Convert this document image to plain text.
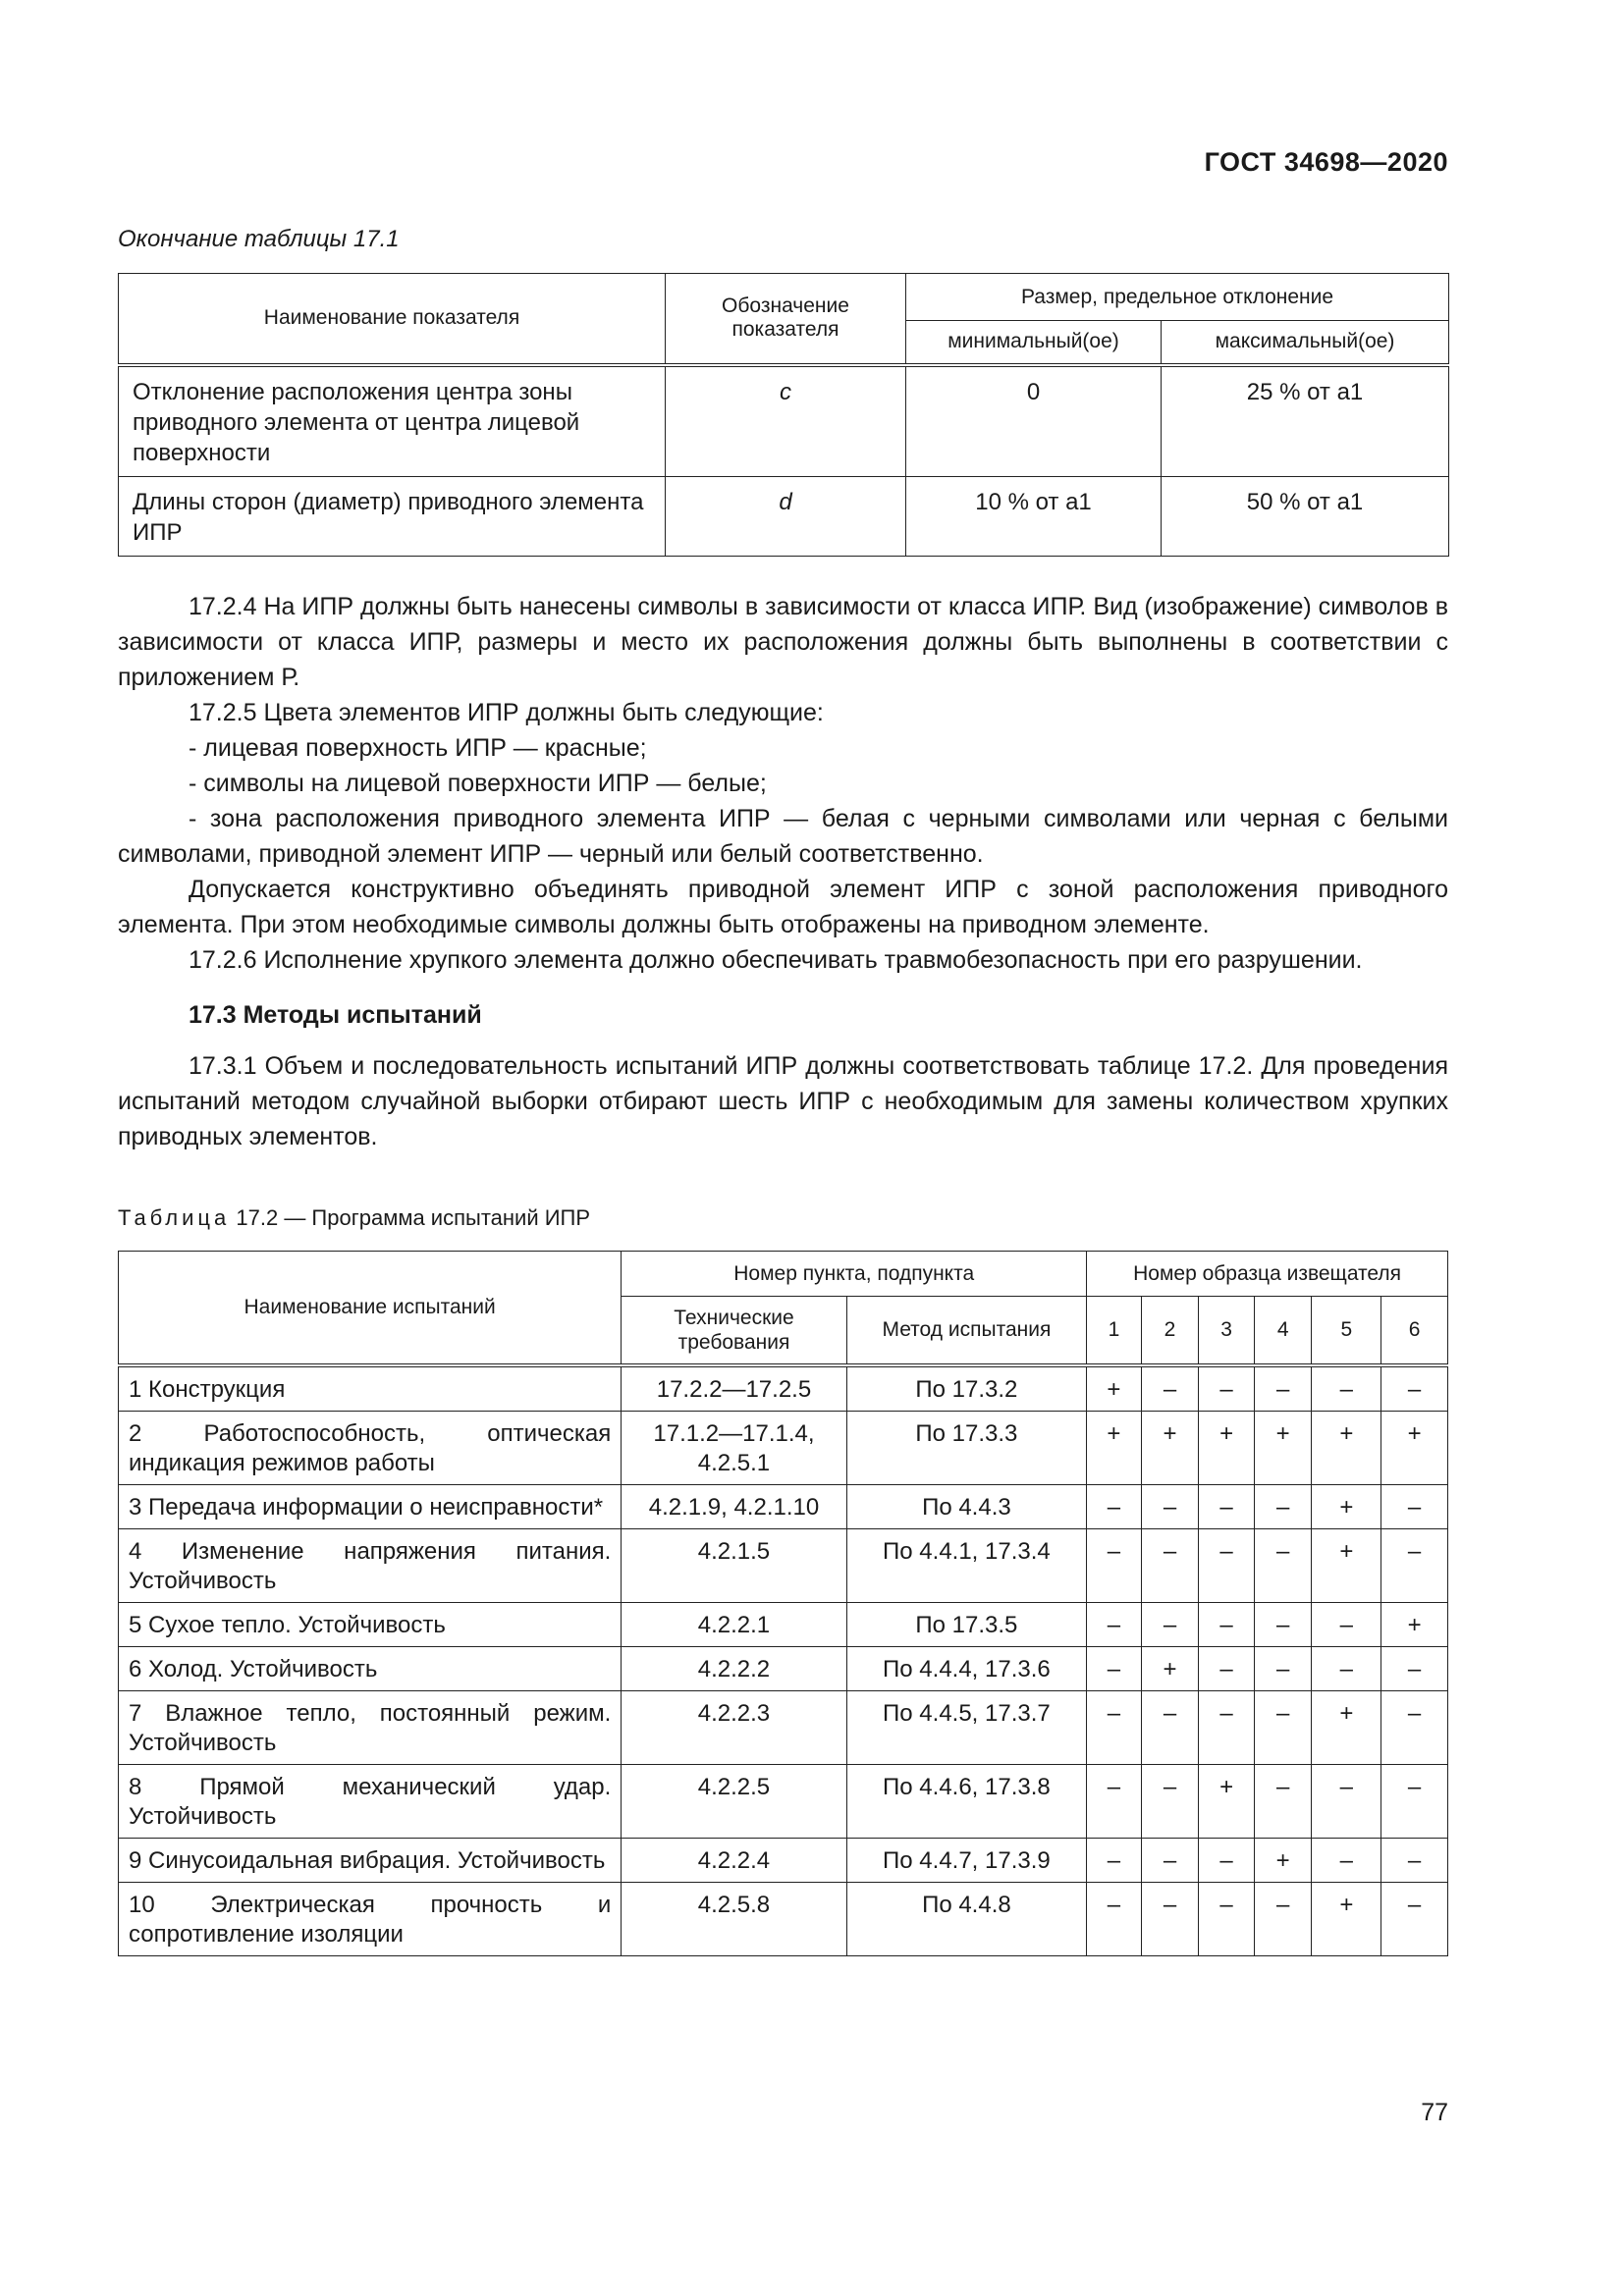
ГОСТ 34698—2020
Окончание таблицы 17.1
Наименование показателя	Обозначение показателя	Размер, предельное отклонение	
		минимальный(ое)	максимальный(ое)
Отклонение расположения центра зоны приводного элемента от центра лицевой поверхности	c	0	25 % от a1
Длины сторон (диаметр) приводного элемента ИПР	d	10 % от a1	50 % от a1

17.2.4 На ИПР должны быть нанесены символы в зависимости от класса ИПР. Вид (изображение) символов в зависимости от класса ИПР, размеры и место их расположения должны быть выполнены в соответствии с приложением Р.

17.2.5 Цвета элементов ИПР должны быть следующие:

- лицевая поверхность ИПР — красные;

- символы на лицевой поверхности ИПР — белые;

- зона расположения приводного элемента ИПР — белая с черными символами или черная с белыми символами, приводной элемент ИПР — черный или белый соответственно.

Допускается конструктивно объединять приводной элемент ИПР с зоной расположения приводного элемента. При этом необходимые символы должны быть отображены на приводном элементе.

17.2.6 Исполнение хрупкого элемента должно обеспечивать травмобезопасность при его разрушении.

17.3 Методы испытаний

17.3.1 Объем и последовательность испытаний ИПР должны соответствовать таблице 17.2. Для проведения испытаний методом случайной выборки отбирают шесть ИПР с необходимым для замены количеством хрупких приводных элементов.

Таблица 17.2 — Программа испытаний ИПР
Наименование испытаний	Номер пункта, подпункта		Номер образца извещателя					
	Технические требования	Метод испытания	1	2	3	4	5	6
1 Конструкция	17.2.2—17.2.5	По 17.3.2	+	–	–	–	–	–
2 Работоспособность, оптическая индикация режимов работы	17.1.2—17.1.4, 4.2.5.1	По 17.3.3	+	+	+	+	+	+
3 Передача информации о неисправности*	4.2.1.9, 4.2.1.10	По 4.4.3	–	–	–	–	+	–
4 Изменение напряжения питания. Устойчивость	4.2.1.5	По 4.4.1, 17.3.4	–	–	–	–	+	–
5 Сухое тепло. Устойчивость	4.2.2.1	По 17.3.5	–	–	–	–	–	+
6 Холод. Устойчивость	4.2.2.2	По 4.4.4, 17.3.6	–	+	–	–	–	–
7 Влажное тепло, постоянный режим. Устойчивость	4.2.2.3	По 4.4.5, 17.3.7	–	–	–	–	+	–
8 Прямой механический удар. Устойчивость	4.2.2.5	По 4.4.6, 17.3.8	–	–	+	–	–	–
9 Синусоидальная вибрация. Устойчивость	4.2.2.4	По 4.4.7, 17.3.9	–	–	–	+	–	–
10 Электрическая прочность и сопротивление изоляции	4.2.5.8	По 4.4.8	–	–	–	–	+	–
77
